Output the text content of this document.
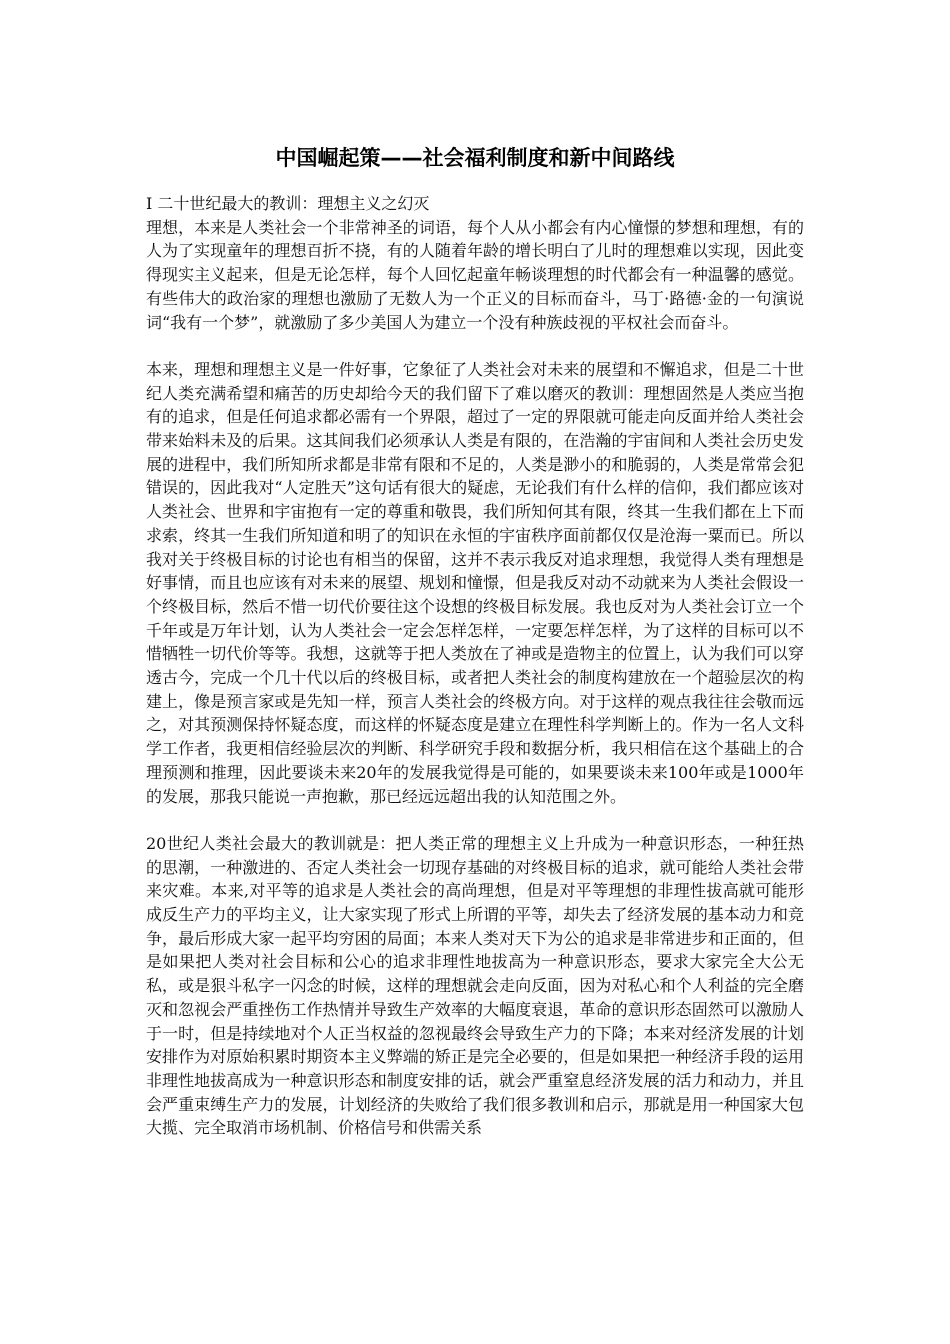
中国崛起策——社会福利制度和新中间路线

I 二十世纪最大的教训：理想主义之幻灭

理想，本来是人类社会一个非常神圣的词语，每个人从小都会有内心憧憬的梦想和理想，有的人为了实现童年的理想百折不挠，有的人随着年龄的增长明白了儿时的理想难以实现，因此变得现实主义起来，但是无论怎样，每个人回忆起童年畅谈理想的时代都会有一种温馨的感觉。有些伟大的政治家的理想也激励了无数人为一个正义的目标而奋斗，马丁·路德·金的一句演说词“我有一个梦”，就激励了多少美国人为建立一个没有种族歧视的平权社会而奋斗。

本来，理想和理想主义是一件好事，它象征了人类社会对未来的展望和不懈追求，但是二十世纪人类充满希望和痛苦的历史却给今天的我们留下了难以磨灭的教训：理想固然是人类应当抱有的追求，但是任何追求都必需有一个界限，超过了一定的界限就可能走向反面并给人类社会带来始料未及的后果。这其间我们必须承认人类是有限的，在浩瀚的宇宙间和人类社会历史发展的进程中，我们所知所求都是非常有限和不足的，人类是渺小的和脆弱的，人类是常常会犯错误的，因此我对“人定胜天”这句话有很大的疑虑，无论我们有什么样的信仰，我们都应该对人类社会、世界和宇宙抱有一定的尊重和敬畏，我们所知何其有限，终其一生我们都在上下而求索，终其一生我们所知道和明了的知识在永恒的宇宙秩序面前都仅仅是沧海一粟而已。所以我对关于终极目标的讨论也有相当的保留，这并不表示我反对追求理想，我觉得人类有理想是好事情，而且也应该有对未来的展望、规划和憧憬，但是我反对动不动就来为人类社会假设一个终极目标，然后不惜一切代价要往这个设想的终极目标发展。我也反对为人类社会订立一个千年或是万年计划，认为人类社会一定会怎样怎样，一定要怎样怎样，为了这样的目标可以不惜牺牲一切代价等等。我想，这就等于把人类放在了神或是造物主的位置上，认为我们可以穿透古今，完成一个几十代以后的终极目标，或者把人类社会的制度构建放在一个超验层次的构建上，像是预言家或是先知一样，预言人类社会的终极方向。对于这样的观点我往往会敬而远之，对其预测保持怀疑态度，而这样的怀疑态度是建立在理性科学判断上的。作为一名人文科学工作者，我更相信经验层次的判断、科学研究手段和数据分析，我只相信在这个基础上的合理预测和推理，因此要谈未来20年的发展我觉得是可能的，如果要谈未来100年或是1000年的发展，那我只能说一声抱歉，那已经远远超出我的认知范围之外。

20世纪人类社会最大的教训就是：把人类正常的理想主义上升成为一种意识形态，一种狂热的思潮，一种激进的、否定人类社会一切现存基础的对终极目标的追求，就可能给人类社会带来灾难。本来,对平等的追求是人类社会的高尚理想，但是对平等理想的非理性拔高就可能形成反生产力的平均主义，让大家实现了形式上所谓的平等，却失去了经济发展的基本动力和竞争，最后形成大家一起平均穷困的局面；本来人类对天下为公的追求是非常进步和正面的，但是如果把人类对社会目标和公心的追求非理性地拔高为一种意识形态，要求大家完全大公无私，或是狠斗私字一闪念的时候，这样的理想就会走向反面，因为对私心和个人利益的完全磨灭和忽视会严重挫伤工作热情并导致生产效率的大幅度衰退，革命的意识形态固然可以激励人于一时，但是持续地对个人正当权益的忽视最终会导致生产力的下降；本来对经济发展的计划安排作为对原始积累时期资本主义弊端的矫正是完全必要的，但是如果把一种经济手段的运用非理性地拔高成为一种意识形态和制度安排的话，就会严重窒息经济发展的活力和动力，并且会严重束缚生产力的发展，计划经济的失败给了我们很多教训和启示，那就是用一种国家大包大揽、完全取消市场机制、价格信号和供需关系
